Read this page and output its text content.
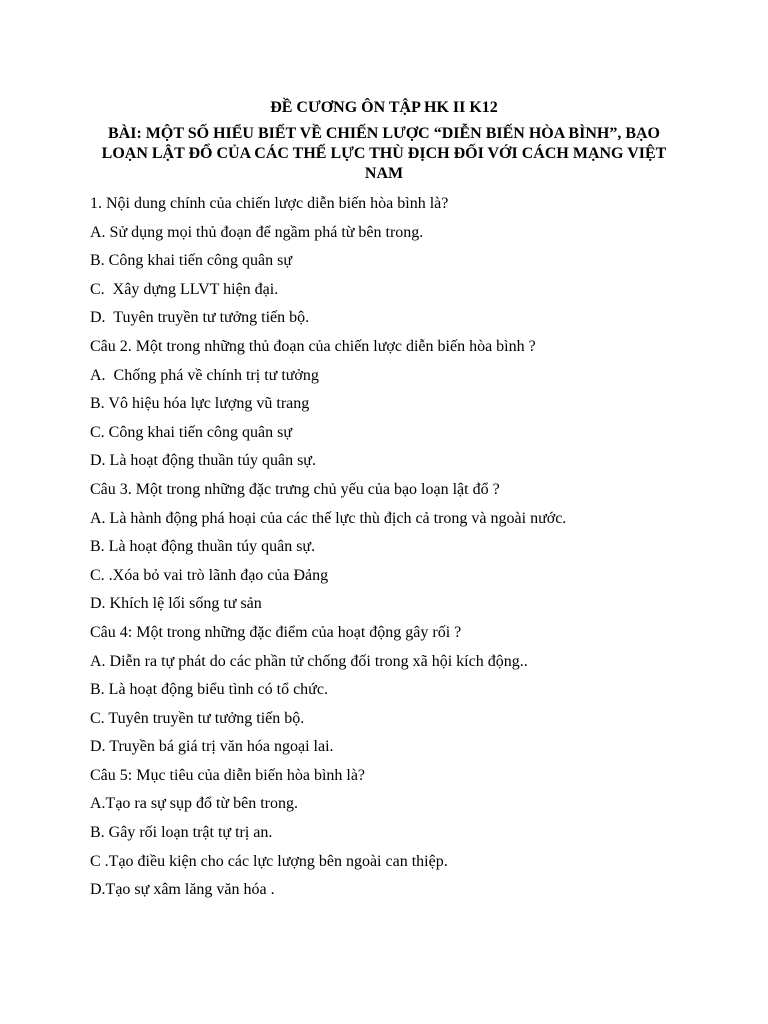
ĐỀ CƯƠNG ÔN TẬP HK II K12
BÀI: MỘT SỐ HIỂU BIẾT VỀ CHIẾN LƯỢC “DIỄN BIẾN HÒA BÌNH”, BẠO LOẠN LẬT ĐỔ CỦA CÁC THẾ LỰC THÙ ĐỊCH ĐỐI VỚI CÁCH MẠNG VIỆT NAM
1. Nội dung chính của chiến lược diễn biến hòa bình là?
A. Sử dụng mọi thủ đoạn để ngầm phá từ bên trong.
B. Công khai tiến công quân sự
C.  Xây dựng LLVT hiện đại.
D.  Tuyên truyền tư tưởng tiến bộ.
Câu 2. Một trong những thủ đoạn của chiến lược diễn biến hòa bình ?
A.  Chống phá về chính trị tư tưởng
B. Vô hiệu hóa lực lượng vũ trang
C. Công khai tiến công quân sự
D. Là hoạt động thuần túy quân sự.
Câu 3. Một trong những đặc trưng chủ yếu của bạo loạn lật đổ ?
A. Là hành động phá hoại của các thế lực thù địch cả trong và ngoài nước.
B. Là hoạt động thuần túy quân sự.
C. .Xóa bỏ vai trò lãnh đạo của Đảng
D. Khích lệ lối sống tư sản
Câu 4: Một trong những đặc điểm của hoạt động gây rối ?
A. Diễn ra tự phát do các phần tử chống đối trong xã hội kích động..
B. Là hoạt động biểu tình có tổ chức.
C. Tuyên truyền tư tưởng tiến bộ.
D. Truyền bá giá trị văn hóa ngoại lai.
Câu 5: Mục tiêu của diễn biến hòa bình là?
A.Tạo ra sự sụp đổ từ bên trong.
B. Gây rối loạn trật tự trị an.
C .Tạo điều kiện cho các lực lượng bên ngoài can thiệp.
D.Tạo sự xâm lăng văn hóa .
